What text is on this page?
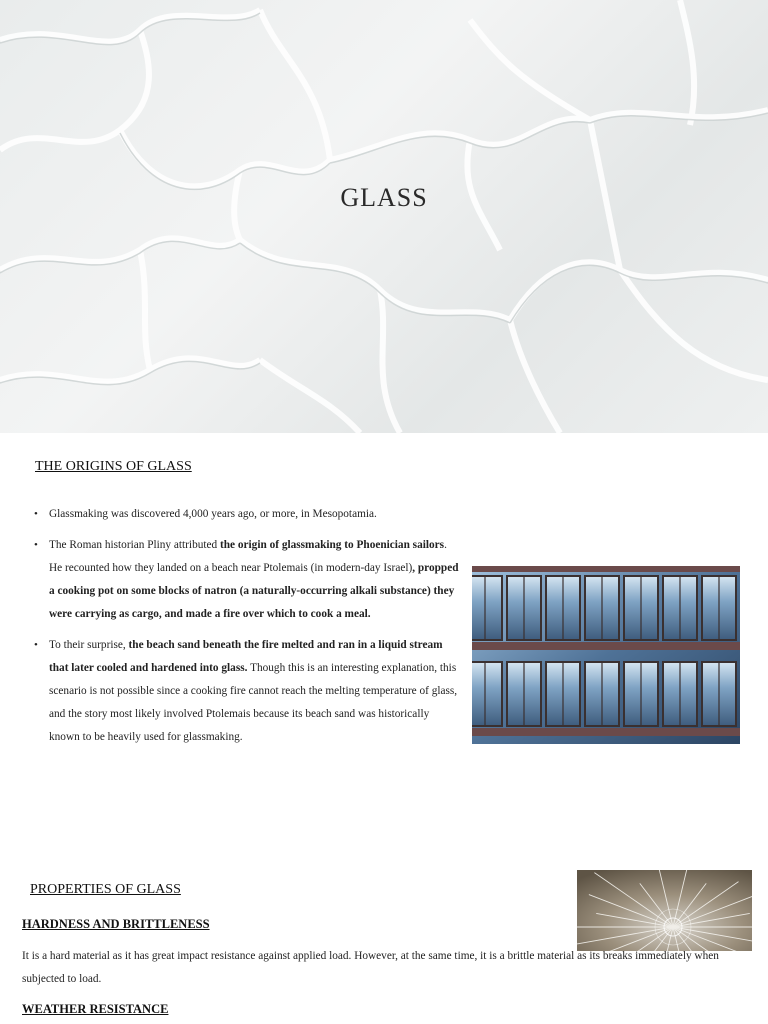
GLASS
THE ORIGINS OF GLASS
• Glassmaking was discovered 4,000 years ago, or more, in Mesopotamia.
• The Roman historian Pliny attributed the origin of glassmaking to Phoenician sailors. He recounted how they landed on a beach near Ptolemais (in modern-day Israel), propped a cooking pot on some blocks of natron (a naturally-occurring alkali substance) they were carrying as cargo, and made a fire over which to cook a meal.
• To their surprise, the beach sand beneath the fire melted and ran in a liquid stream that later cooled and hardened into glass. Though this is an interesting explanation, this scenario is not possible since a cooking fire cannot reach the melting temperature of glass, and the story most likely involved Ptolemais because its beach sand was historically known to be heavily used for glassmaking.
PROPERTIES OF GLASS
HARDNESS AND BRITTLENESS
It is a hard material as it has great impact resistance against applied load. However, at the same time, it is a brittle material as its breaks immediately when subjected to load.
WEATHER RESISTANCE
